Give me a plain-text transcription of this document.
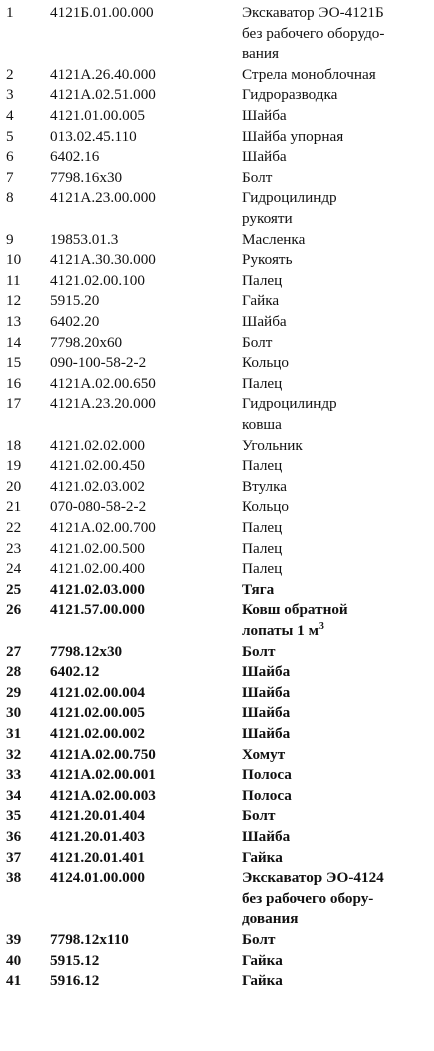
1 4121Б.01.00.000	Экскаватор ЭО-4121Б
без рабочего оборудо-
вания
2 4121А.26.40.000	Стрела моноблочная
3 4121А.02.51.000	Гидроразводка
4 4121.01.00.005	Шайба
5 013.02.45.110	Шайба упорная
6 6402.16	Шайба
7 7798.16x30	Болт
8 4121А.23.00.000	Гидроцилиндр
рукояти
9 19853.01.3	Масленка
10 4121А.30.30.000	Рукоять
11 4121.02.00.100	Палец
12 5915.20	Гайка
13 6402.20	Шайба
14 7798.20x60	Болт
15 090-100-58-2-2	Кольцо
16 4121А.02.00.650	Палец
17 4121А.23.20.000	Гидроцилиндр
ковша
18 4121.02.02.000	Угольник
19 4121.02.00.450	Палец
20 4121.02.03.002	Втулка
21 070-080-58-2-2	Кольцо
22 4121А.02.00.700	Палец
23 4121.02.00.500	Палец
24 4121.02.00.400	Палец
25 4121.02.03.000	Тяга
26 4121.57.00.000	Ковш обратной
лопаты 1 $м^3$
27 7798.12x30	Болт
28 6402.12	Шайба
29 4121.02.00.004	Шайба
30 4121.02.00.005	Шайба
31 4121.02.00.002	Шайба
32 4121А.02.00.750	Хомут
33 4121А.02.00.001	Полоса
34 4121А.02.00.003	Полоса
35 4121.20.01.404	Болт
36 4121.20.01.403	Шайба
37 4121.20.01.401	Гайка
38 4124.01.00.000	Экскаватор ЭО-4124
без рабочего обору-
дования
39 7798.12x110	Болт
40 5915.12	Гайка
41 5916.12	Гайка
